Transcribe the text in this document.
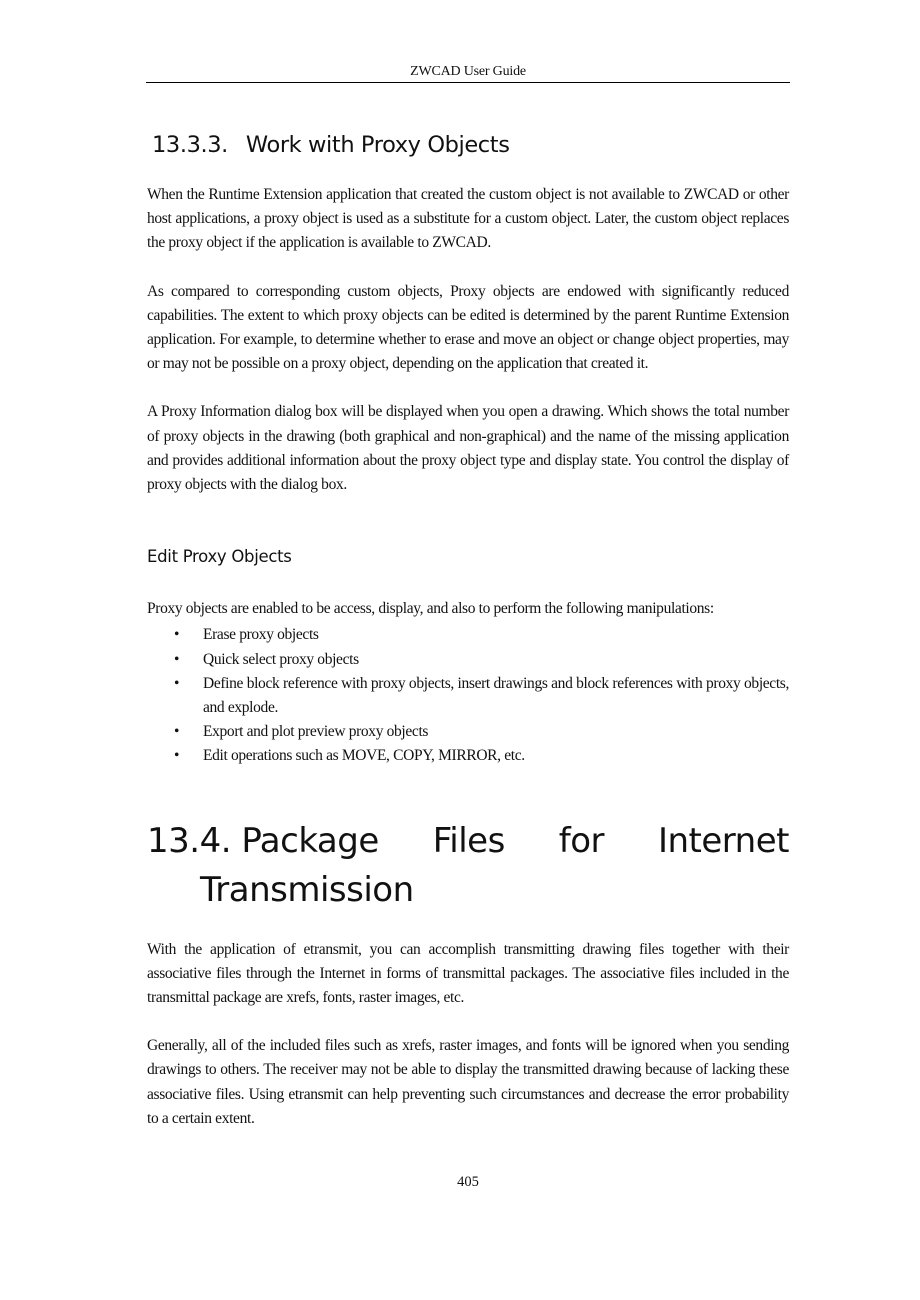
ZWCAD User Guide
13.3.3. Work with Proxy Objects

When the Runtime Extension application that created the custom object is not available to ZWCAD or other host applications, a proxy object is used as a substitute for a custom object. Later, the custom object replaces the proxy object if the application is available to ZWCAD.

As compared to corresponding custom objects, Proxy objects are endowed with significantly reduced capabilities. The extent to which proxy objects can be edited is determined by the parent Runtime Extension application. For example, to determine whether to erase and move an object or change object properties, may or may not be possible on a proxy object, depending on the application that created it.

A Proxy Information dialog box will be displayed when you open a drawing. Which shows the total number of proxy objects in the drawing (both graphical and non-graphical) and the name of the missing application and provides additional information about the proxy object type and display state. You control the display of proxy objects with the dialog box.

Edit Proxy Objects

Proxy objects are enabled to be access, display, and also to perform the following manipulations:

• Erase proxy objects
• Quick select proxy objects
• Define block reference with proxy objects, insert drawings and block references with proxy objects, and explode.
• Export and plot preview proxy objects
• Edit operations such as MOVE, COPY, MIRROR, etc.
13.4. Package Files for Internet
Transmission

With the application of etransmit, you can accomplish transmitting drawing files together with their associative files through the Internet in forms of transmittal packages. The associative files included in the transmittal package are xrefs, fonts, raster images, etc.

Generally, all of the included files such as xrefs, raster images, and fonts will be ignored when you sending drawings to others. The receiver may not be able to display the transmitted drawing because of lacking these associative files. Using etransmit can help preventing such circumstances and decrease the error probability to a certain extent.

405
